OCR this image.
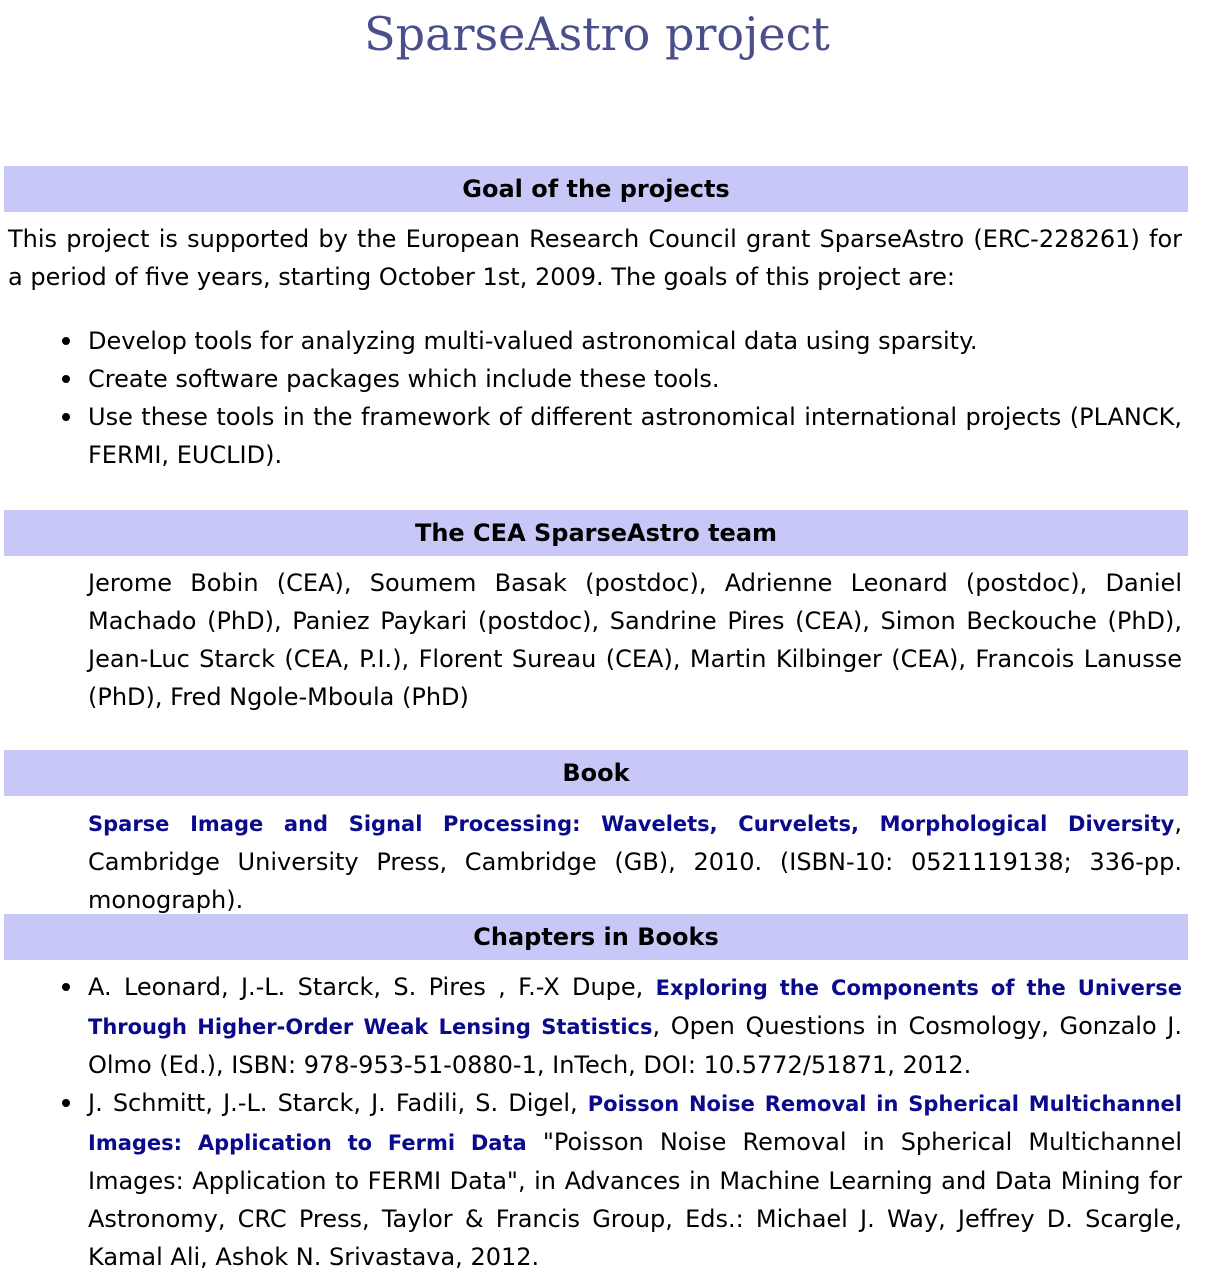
SparseAstro project
Goal of the projects
This project is supported by the European Research Council grant SparseAstro (ERC-228261) for a period of five years, starting October 1st, 2009. The goals of this project are:
Develop tools for analyzing multi-valued astronomical data using sparsity.
Create software packages which include these tools.
Use these tools in the framework of different astronomical international projects (PLANCK, FERMI, EUCLID).
The CEA SparseAstro team
Jerome Bobin (CEA), Soumem Basak (postdoc), Adrienne Leonard (postdoc), Daniel Machado (PhD), Paniez Paykari (postdoc), Sandrine Pires (CEA), Simon Beckouche (PhD), Jean-Luc Starck (CEA, P.I.), Florent Sureau (CEA), Martin Kilbinger (CEA), Francois Lanusse (PhD), Fred Ngole-Mboula (PhD)
Book
Sparse Image and Signal Processing: Wavelets, Curvelets, Morphological Diversity, Cambridge University Press, Cambridge (GB), 2010. (ISBN-10: 0521119138; 336-pp. monograph).
Chapters in Books
A. Leonard, J.-L. Starck, S. Pires , F.-X Dupe, Exploring the Components of the Universe Through Higher-Order Weak Lensing Statistics, Open Questions in Cosmology, Gonzalo J. Olmo (Ed.), ISBN: 978-953-51-0880-1, InTech, DOI: 10.5772/51871, 2012.
J. Schmitt, J.-L. Starck, J. Fadili, S. Digel, Poisson Noise Removal in Spherical Multichannel Images: Application to Fermi Data "Poisson Noise Removal in Spherical Multichannel Images: Application to FERMI Data", in Advances in Machine Learning and Data Mining for Astronomy, CRC Press, Taylor & Francis Group, Eds.: Michael J. Way, Jeffrey D. Scargle, Kamal Ali, Ashok N. Srivastava, 2012.
